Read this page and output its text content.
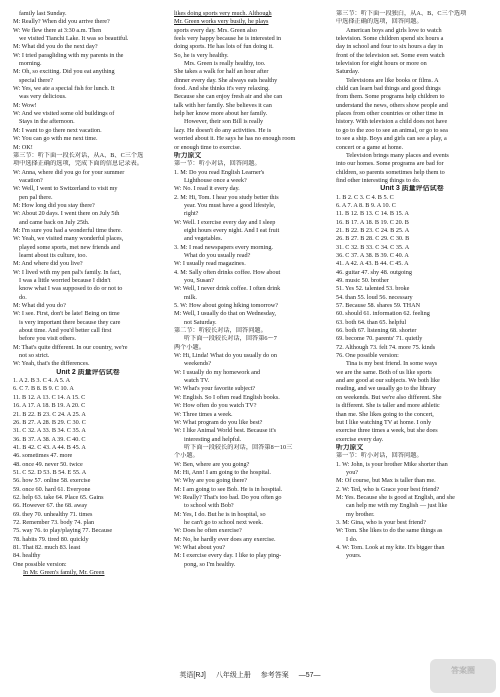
family last Sunday.
M: Really? When did you arrive there?
W: We flew there at 3:30 a.m. Then
we visited Tianchi Lake. It was so beautiful.
M: What did you do the next day?
W: I tried paragliding with my parents in the
morning.
M: Oh, so exciting. Did you eat anything
special there?
W: Yes, we ate a special fish for lunch. It
was very delicious.
M: Wow!
W: And we visited some old buildings of
Stays in the afternoon.
M: I want to go there next vacation.
W: You can go with me next time.
M: OK!
第三节：听下面一段长对话，从A、B、C三个选
项中选择正确的选项，完成下面的信息记录表。
W: Anna, where did you go for your summer
vacation?
W: Well, I went to Switzerland to visit my
pen pal there.
M: How long did you stay there?
W: About 20 days. I went there on July 5th
and came back on July 25th.
M: I'm sure you had a wonderful time there.
W: Yeah, we visited many wonderful places,
played some sports, met new friends and
learnt about its culture, too.
M: And where did you live?
W: I lived with my pen pal's family. In fact,
I was a little worried because I didn't
know what I was supposed to do or not to
do.
M: What did you do?
W: I see. First, don't be late! Being on time
is very important there because they care
about time. And you'd better call first
before you visit others.
M: That's quite different. In our country, we're
not so strict.
W: Yeah, that's the differences.
Unit 2 质量评估试卷
1. A 2. B 3. C 4. A 5. A
6. C 7. B 8. B 9. C 10. A
11. B 12. A 13. C 14. A 15. C
16. A 17. A 18. B 19. A 20. C
21. B 22. B 23. C 24. A 25. A
26. B 27. A 28. B 29. C 30. C
31. C 32. A 33. B 34. C 35. A
36. B 37. A 38. A 39. C 40. C
41. B 42. C 43. A 44. B 45. A
46. sometimes 47. more
48. once 49. never 50. twice
51. C 52. D 53. B 54. E 55. A
56. how 57. online 58. exercise
59. once 60. hard 61. Everyone
62. help 63. take 64. Place 65. Gains
66. However 67. the 68. away
69. they 70. unhealthy 71. times
72. Remember 73. body 74. plan
75. way 76. to play/playing 77. Because
78. habits 79. tired 80. quickly
81. That 82. much 83. least
84. healthy
One possible version:
In Mr. Green's family, Mr. Green
likes doing sports very much. Although
Mr. Green works very busily, he plays
sports every day. Mrs. Green also
feels very happy because he is interested in
doing sports. He has lots of fun doing it.
So, he is very healthy.
Mrs. Green is really healthy, too.
She takes a walk for half an hour after
dinner every day. She always eats healthy
food. And she thinks it's very relaxing.
Because she can enjoy fresh air and she can
talk with her family. She believes it can
help her know more about her family.
However, their son Bill is really
lazy. He doesn't do any activities. He is
worried about it. He says he has no enough room
or enough time to exercise.
听力原文
第一节：听小对话，回答问题。
1. M: Do you read English Learner's
Lighthouse once a week?
W: No. I read it every day.
2. M: Hi, Tom. I hear you study better this
year. You must have a good lifestyle,
right?
W: Well. I exercise every day and I sleep
eight hours every night. And I eat fruit
and vegetables.
3. M: I read newspapers every morning.
What do you usually read?
W: I usually read magazines.
4. M: Sally often drinks coffee. How about
you, Susan?
W: Well, I never drink coffee. I often drink
milk.
5. W: How about going hiking tomorrow?
M: Well, I usually do that on Wednesday,
not Saturday.
第二节：听较长对话，回答问题。
听下面一段较长对话，回答第6～7
两个小题。
W: Hi, Linda! What do you usually do on
weekends?
W: I usually do my homework and
watch TV.
W: What's your favorite subject?
W: English. So I often read English books.
W: How often do you watch TV?
W: Three times a week.
W: What program do you like best?
W: I like Animal World best. Because it's
interesting and helpful.
听下面一段较长的对话，回答第8～10三
个小题。
W: Ben, where are you going?
M: Hi, Ann! I am going to the hospital.
W: Why are you going there?
M: I am going to see Bob. He is in hospital.
W: Really? That's too bad. Do you often go
to school with Bob?
M: Yes, I do. But he is in hospital, so
he can't go to school next week.
W: Does he often exercise?
M: No, he hardly ever does any exercise.
W: What about you?
M: I exercise every day. I like to play ping-
pong, so I'm healthy.
第三节：听下面一段独白，从A、B、C三个选项
中选择正确的选项，回答问题。
American boys and girls love to watch
television. Some children spend six hours a
day in school and four to six hours a day in
front of the television set. Some even watch
television for eight hours or more on
Saturday.
Televisions are like books or films. A
child can learn bad things and good things
from them. Some programs help children to
understand the news, others show people and
places from other countries or other time in
history. With television a child does not have
to go to the zoo to see an animal, or go to sea
to see a ship. Boys and girls can see a play, a
concert or a game at home.
Television brings many places and events
into our homes. Some programs are bad for
children, so parents sometimes help them to
find other interesting things to do.
Unit 3 质量评估试卷
1. B 2. C 3. C 4. B 5. C
6. A 7. A 8. B 9. A 10. C
11. B 12. B 13. C 14. B 15. A
16. B 17. A 18. B 19. C 20. B
21. B 22. B 23. C 24. B 25. A
26. B 27. B 28. C 29. C 30. B
31. C 32. B 33. C 34. C 35. A
36. C 37. A 38. B 39. C 40. A
41. A 42. A 43. B 44. C 45. A
46. guitar 47. shy 48. outgoing
49. music 50. brother
51. Yes 52. talented 53. broke
54. than 55. loud 56. necessary
57. Because 58. shares 59. THAN
60. should 61. information 62. feeling
63. both 64. than 65. helpful
66. both 67. listening 68. shorter
69. become 70. parents' 71. quietly
72. Although 73. felt 74. more 75. kinds
76. One possible version:
Tina is my best friend. In some ways
we are the same. Both of us like sports
and are good at our subjects. We both like
reading, and we usually go to the library
on weekends. But we're also different. She
is different. She is taller and more athletic
than me. She likes going to the concert,
but I like watching TV at home. I only
exercise three times a week, but she does
exercise every day.
听力原文
第一节：听小对话，回答问题。
1. W: John, is your brother Mike shorter than
you?
M: Of course, but Max is taller than me.
2. W: Ted, who is Grace your best friend?
M: Yes. Because she is good at English, and she
can help me with my English — just like
my brother.
3. M: Gina, who is your best friend?
W: Tom. She likes to do the same things as
I do.
4. W: Tom. Look at my kite. It's bigger than
yours.
英语[RJ] 八年级上册 参考答案 —57—
答案圈
